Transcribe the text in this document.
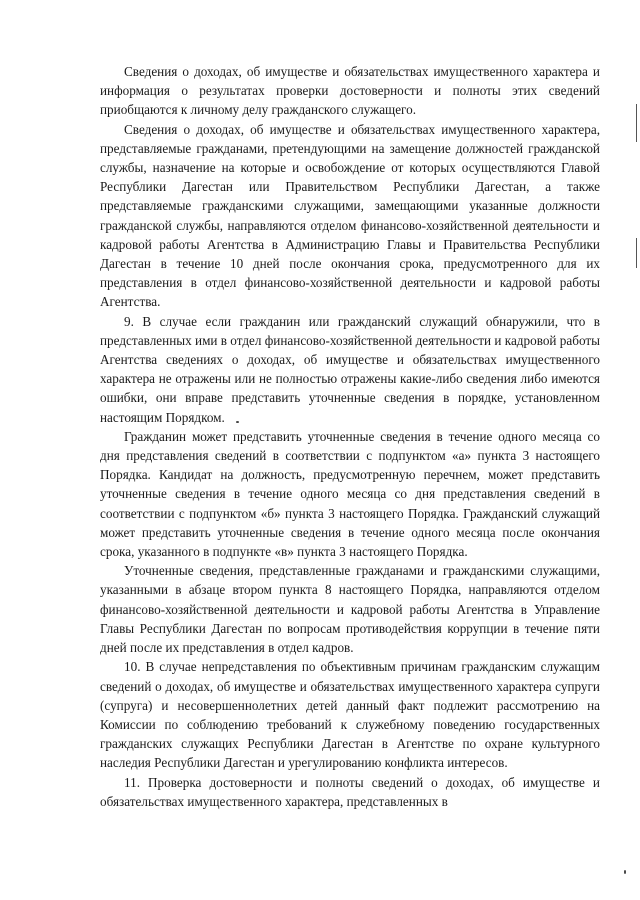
Сведения о доходах, об имуществе и обязательствах имущественного характера и информация о результатах проверки достоверности и полноты этих сведений приобщаются к личному делу гражданского служащего.

Сведения о доходах, об имуществе и обязательствах имущественного характера, представляемые гражданами, претендующими на замещение должностей гражданской службы, назначение на которые и освобождение от которых осуществляются Главой Республики Дагестан или Правительством Республики Дагестан, а также представляемые гражданскими служащими, замещающими указанные должности гражданской службы, направляются отделом финансово-хозяйственной деятельности и кадровой работы Агентства в Администрацию Главы и Правительства Республики Дагестан в течение 10 дней после окончания срока, предусмотренного для их представления в отдел финансово-хозяйственной деятельности и кадровой работы Агентства.

9. В случае если гражданин или гражданский служащий обнаружили, что в представленных ими в отдел финансово-хозяйственной деятельности и кадровой работы Агентства сведениях о доходах, об имуществе и обязательствах имущественного характера не отражены или не полностью отражены какие-либо сведения либо имеются ошибки, они вправе представить уточненные сведения в порядке, установленном настоящим Порядком.

Гражданин может представить уточненные сведения в течение одного месяца со дня представления сведений в соответствии с подпунктом «а» пункта 3 настоящего Порядка. Кандидат на должность, предусмотренную перечнем, может представить уточненные сведения в течение одного месяца со дня представления сведений в соответствии с подпунктом «б» пункта 3 настоящего Порядка. Гражданский служащий может представить уточненные сведения в течение одного месяца после окончания срока, указанного в подпункте «в» пункта 3 настоящего Порядка.

Уточненные сведения, представленные гражданами и гражданскими служащими, указанными в абзаце втором пункта 8 настоящего Порядка, направляются отделом финансово-хозяйственной деятельности и кадровой работы Агентства в Управление Главы Республики Дагестан по вопросам противодействия коррупции в течение пяти дней после их представления в отдел кадров.

10. В случае непредставления по объективным причинам гражданским служащим сведений о доходах, об имуществе и обязательствах имущественного характера супруги (супруга) и несовершеннолетних детей данный факт подлежит рассмотрению на Комиссии по соблюдению требований к служебному поведению государственных гражданских служащих Республики Дагестан в Агентстве по охране культурного наследия Республики Дагестан и урегулированию конфликта интересов.

11. Проверка достоверности и полноты сведений о доходах, об имуществе и обязательствах имущественного характера, представленных в
